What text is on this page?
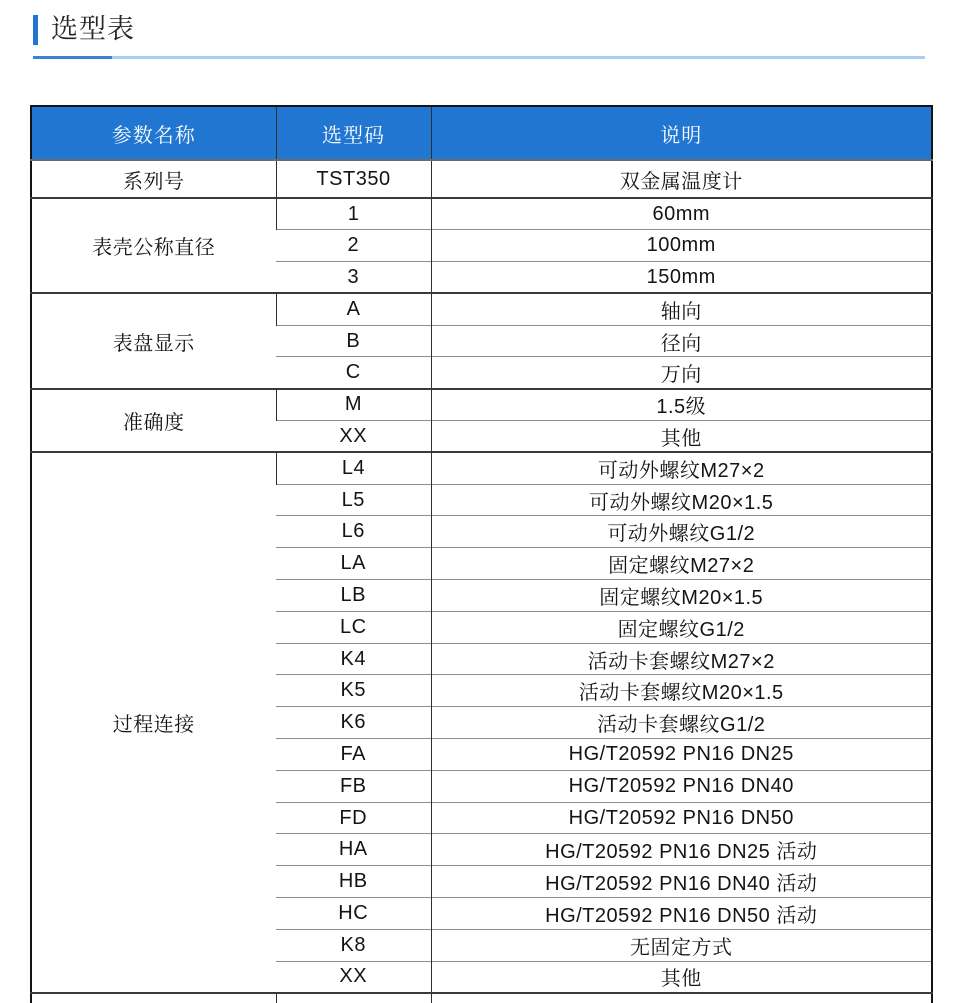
选型表
参数名称	选型码	说明
系列号	TST350	双金属温度计
表壳公称直径	1	60mm
	2	100mm
	3	150mm
表盘显示	A	轴向
	B	径向
	C	万向
准确度	M	1.5级
	XX	其他
过程连接	L4	可动外螺纹M27×2
	L5	可动外螺纹M20×1.5
	L6	可动外螺纹G1/2
	LA	固定螺纹M27×2
	LB	固定螺纹M20×1.5
	LC	固定螺纹G1/2
	K4	活动卡套螺纹M27×2
	K5	活动卡套螺纹M20×1.5
	K6	活动卡套螺纹G1/2
	FA	HG/T20592 PN16 DN25
	FB	HG/T20592 PN16 DN40
	FD	HG/T20592 PN16 DN50
	HA	HG/T20592 PN16 DN25 活动
	HB	HG/T20592 PN16 DN40 活动
	HC	HG/T20592 PN16 DN50 活动
	K8	无固定方式
	XX	其他
